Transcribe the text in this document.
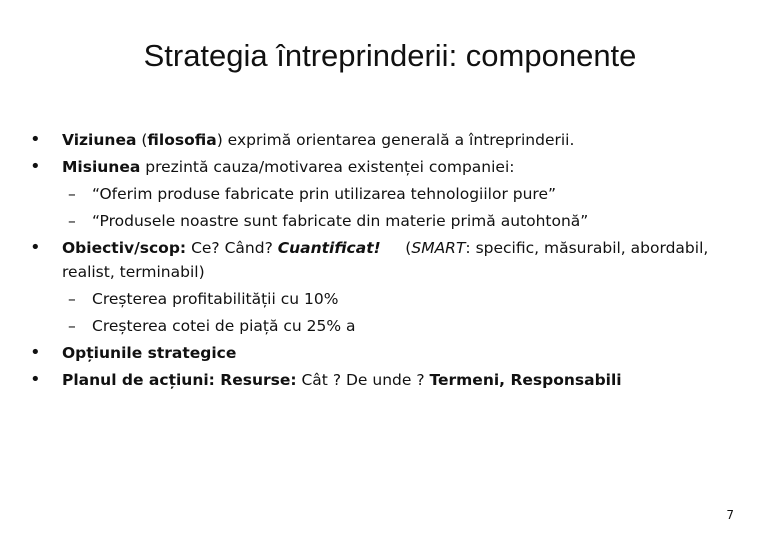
Strategia întreprinderii: componente
• Viziunea (filosofia) exprimă orientarea generală a întreprinderii.
• Misiunea prezintă cauza/motivarea existenței companiei:
– “Oferim produse fabricate prin utilizarea tehnologiilor pure”
– “Produsele noastre sunt fabricate din materie primă autohtonă”
• Obiectiv/scop: Ce? Când? Cuantificat!     (SMART: specific, măsurabil, abordabil, realist, terminabil)
– Creșterea profitabilității cu 10%
– Creșterea cotei de piață cu 25% a
• Opțiunile strategice
• Planul de acțiuni: Resurse: Cât ? De unde ? Termeni, Responsabili
7
